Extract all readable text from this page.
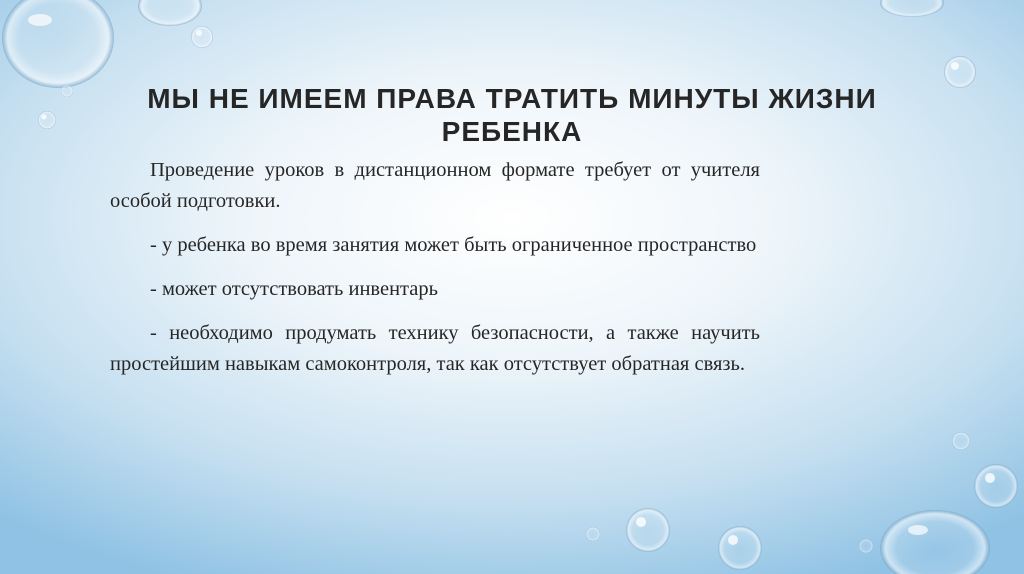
МЫ НЕ ИМЕЕМ ПРАВА ТРАТИТЬ МИНУТЫ ЖИЗНИ РЕБЕНКА

Проведение уроков в дистанционном формате требует от учителя особой подготовки.

- у ребенка во время занятия может быть ограниченное пространство

- может отсутствовать инвентарь

- необходимо продумать технику безопасности, а также научить простейшим навыкам самоконтроля, так как отсутствует обратная связь.
